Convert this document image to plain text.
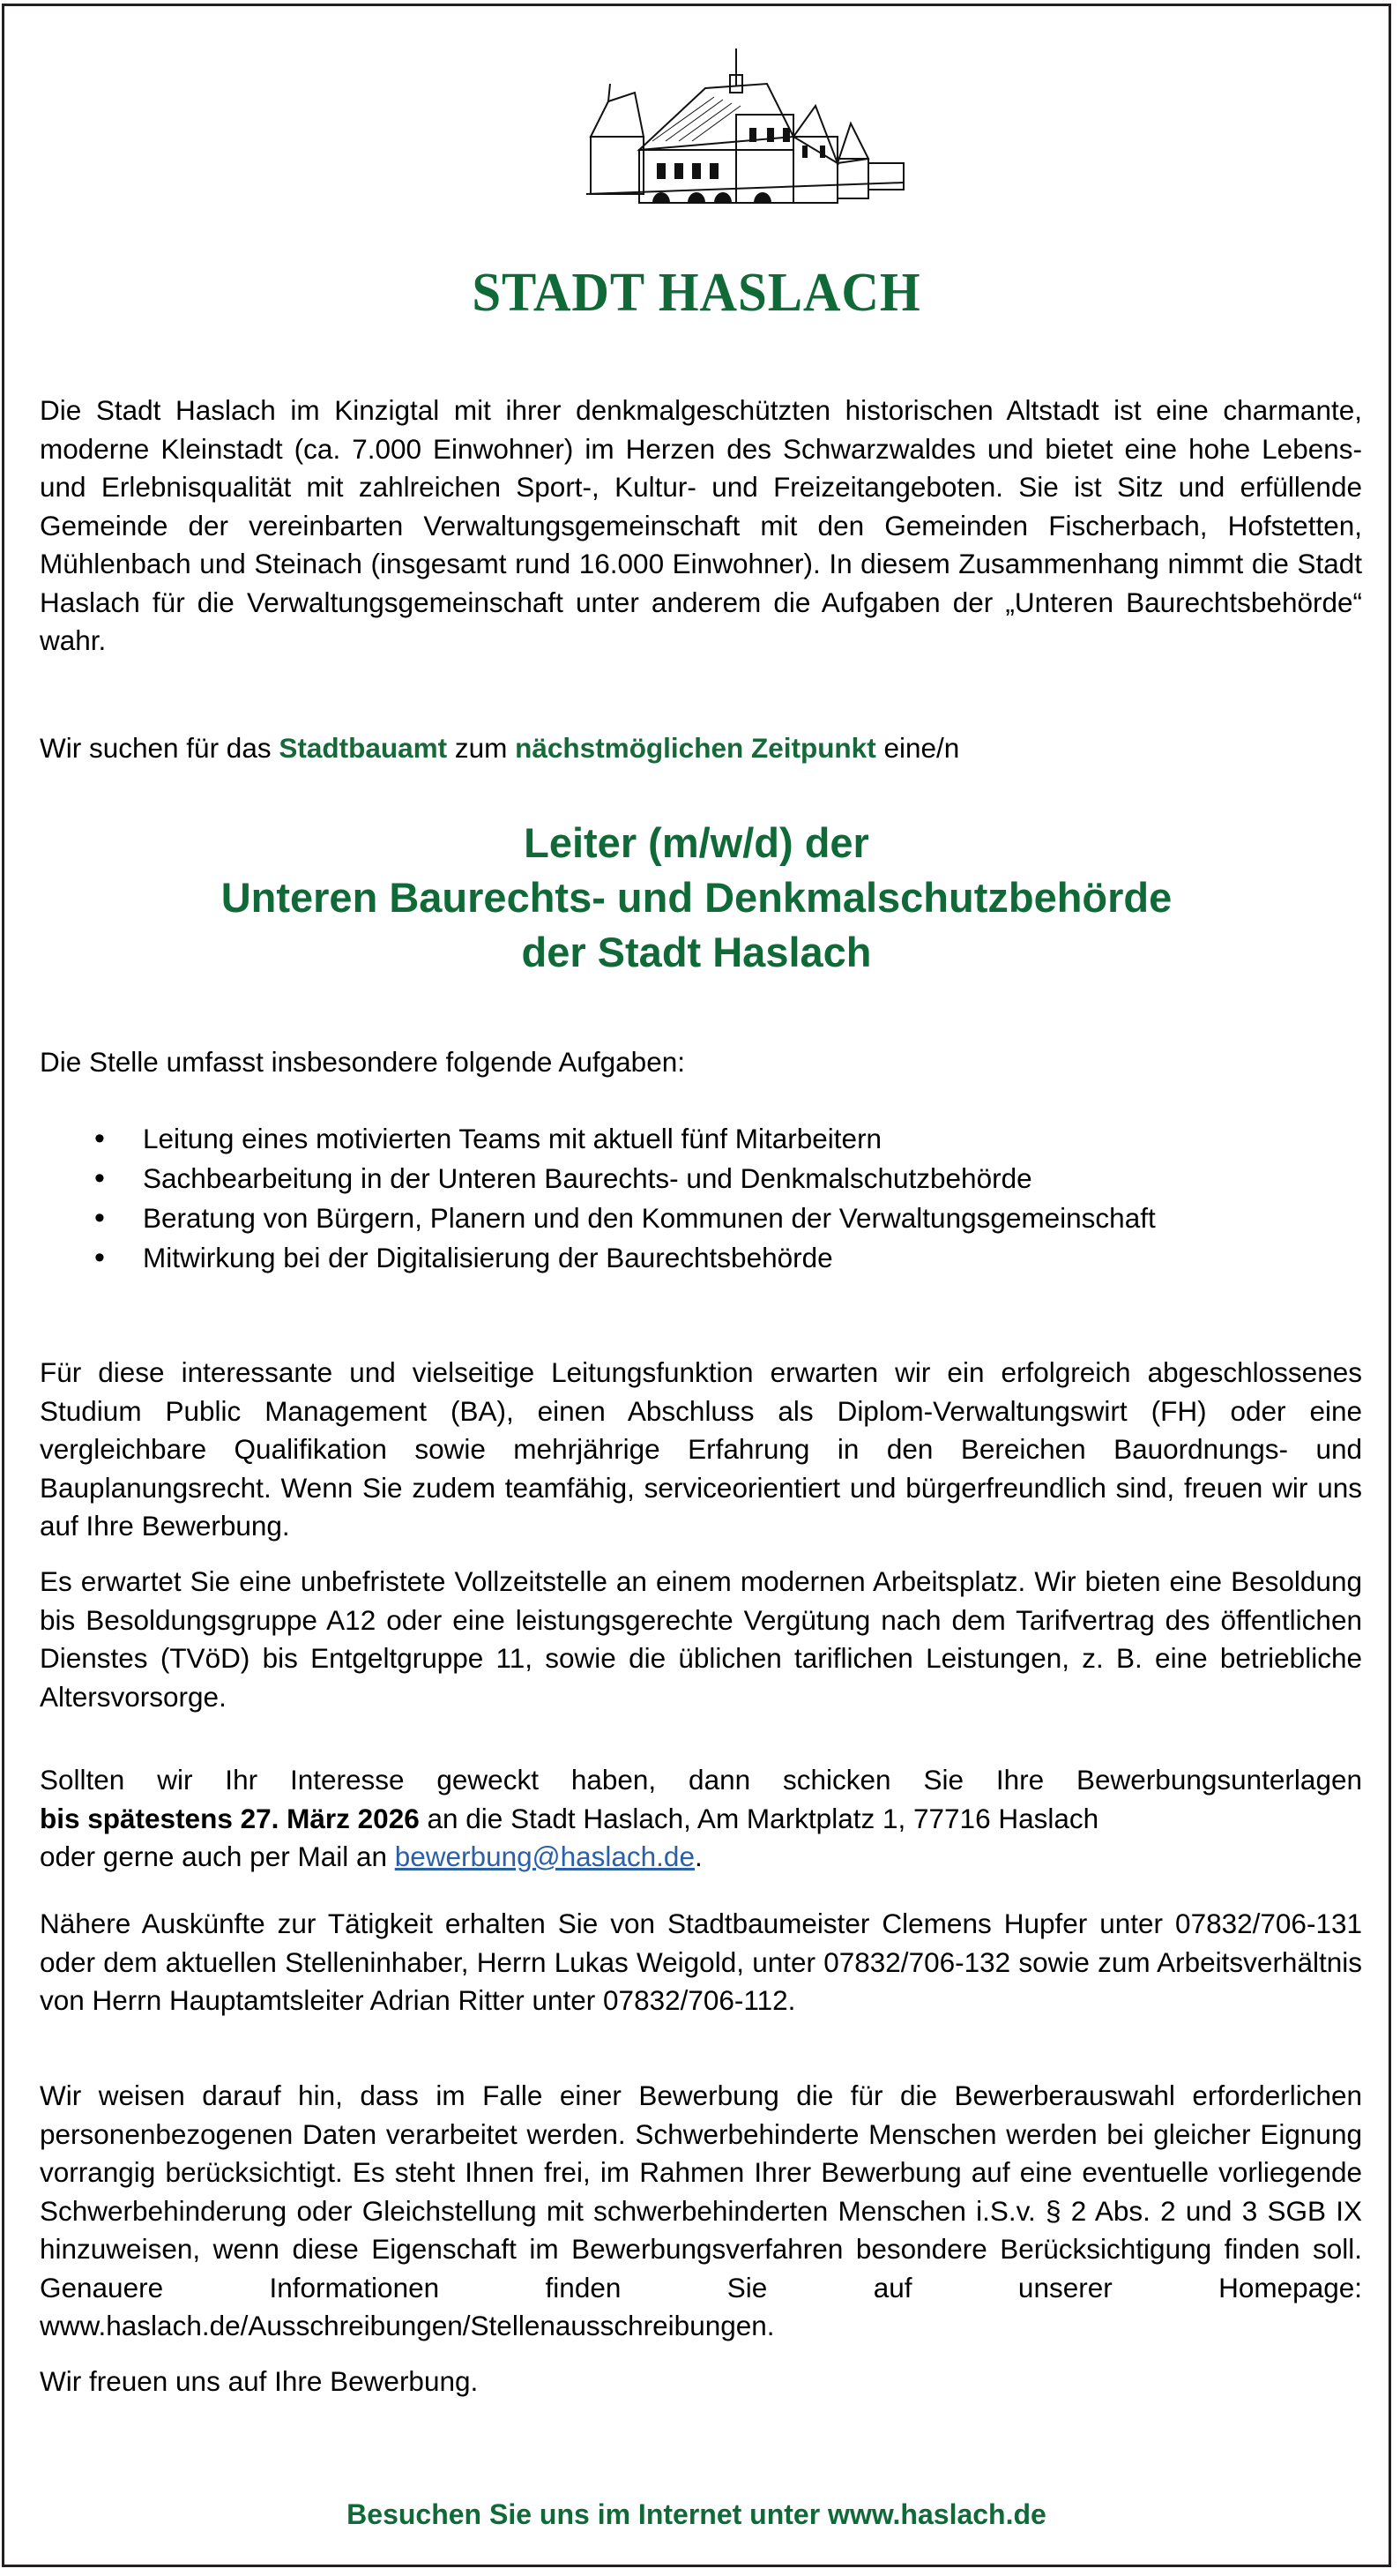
STADT HASLACH
Die Stadt Haslach im Kinzigtal mit ihrer denkmalgeschützten historischen Altstadt ist eine charmante, moderne Kleinstadt (ca. 7.000 Einwohner) im Herzen des Schwarzwaldes und bietet eine hohe Lebens- und Erlebnisqualität mit zahlreichen Sport-, Kultur- und Freizeitangeboten. Sie ist Sitz und erfüllende Gemeinde der vereinbarten Verwaltungsgemeinschaft mit den Gemeinden Fischerbach, Hofstetten, Mühlenbach und Steinach (insgesamt rund 16.000 Einwohner). In diesem Zusammenhang nimmt die Stadt Haslach für die Verwaltungsgemeinschaft unter anderem die Aufgaben der „Unteren Baurechtsbehörde“ wahr.
Wir suchen für das Stadtbauamt zum nächstmöglichen Zeitpunkt eine/n
Leiter (m/w/d) der
Unteren Baurechts- und Denkmalschutzbehörde
der Stadt Haslach
Die Stelle umfasst insbesondere folgende Aufgaben:
• Leitung eines motivierten Teams mit aktuell fünf Mitarbeitern
• Sachbearbeitung in der Unteren Baurechts- und Denkmalschutzbehörde
• Beratung von Bürgern, Planern und den Kommunen der Verwaltungsgemeinschaft
• Mitwirkung bei der Digitalisierung der Baurechtsbehörde
Für diese interessante und vielseitige Leitungsfunktion erwarten wir ein erfolgreich abgeschlossenes Studium Public Management (BA), einen Abschluss als Diplom-Verwaltungswirt (FH) oder eine vergleichbare Qualifikation sowie mehrjährige Erfahrung in den Bereichen Bauordnungs- und Bauplanungsrecht. Wenn Sie zudem teamfähig, serviceorientiert und bürgerfreundlich sind, freuen wir uns auf Ihre Bewerbung.
Es erwartet Sie eine unbefristete Vollzeitstelle an einem modernen Arbeitsplatz. Wir bieten eine Besoldung bis Besoldungsgruppe A12 oder eine leistungsgerechte Vergütung nach dem Tarifvertrag des öffentlichen Dienstes (TVöD) bis Entgeltgruppe 11, sowie die üblichen tariflichen Leistungen, z. B. eine betriebliche Altersvorsorge.
Sollten wir Ihr Interesse geweckt haben, dann schicken Sie Ihre Bewerbungsunterlagen
bis spätestens 27. März 2026 an die Stadt Haslach, Am Marktplatz 1, 77716 Haslach
oder gerne auch per Mail an bewerbung@haslach.de.
Nähere Auskünfte zur Tätigkeit erhalten Sie von Stadtbaumeister Clemens Hupfer unter 07832/706-131 oder dem aktuellen Stelleninhaber, Herrn Lukas Weigold, unter 07832/706-132 sowie zum Arbeitsverhältnis von Herrn Hauptamtsleiter Adrian Ritter unter 07832/706-112.
Wir weisen darauf hin, dass im Falle einer Bewerbung die für die Bewerberauswahl erforderlichen personenbezogenen Daten verarbeitet werden. Schwerbehinderte Menschen werden bei gleicher Eignung vorrangig berücksichtigt. Es steht Ihnen frei, im Rahmen Ihrer Bewerbung auf eine eventuelle vorliegende Schwerbehinderung oder Gleichstellung mit schwerbehinderten Menschen i.S.v. § 2 Abs. 2 und 3 SGB IX hinzuweisen, wenn diese Eigenschaft im Bewerbungsverfahren besondere Berücksichtigung finden soll. Genauere Informationen finden Sie auf unserer Homepage: www.haslach.de/Ausschreibungen/Stellenausschreibungen.
Wir freuen uns auf Ihre Bewerbung.
Besuchen Sie uns im Internet unter www.haslach.de
